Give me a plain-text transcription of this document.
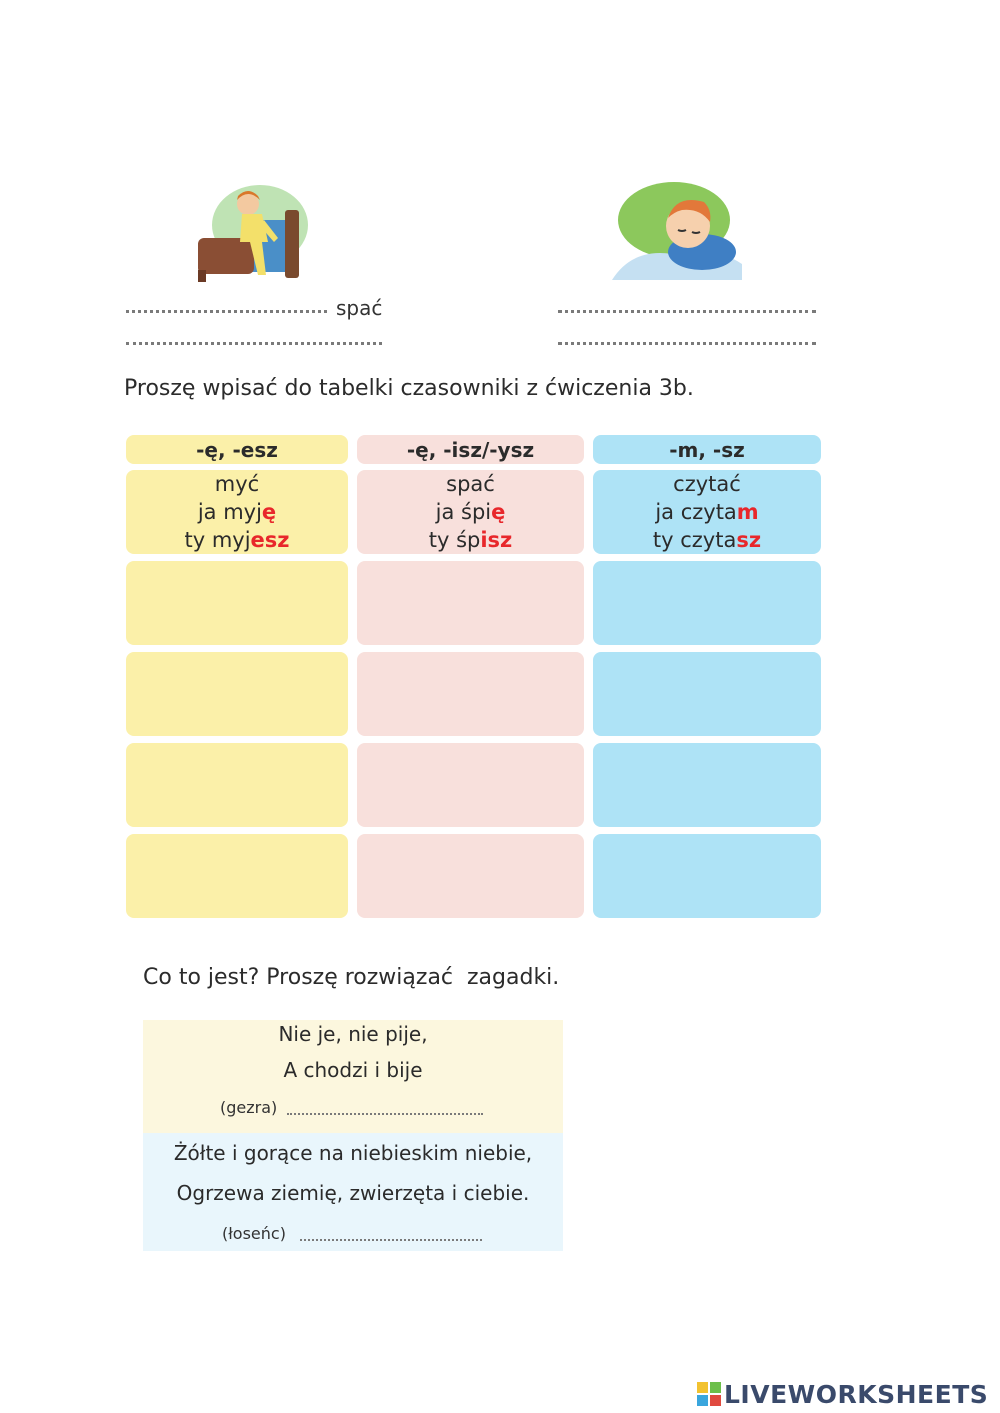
spać
Proszę wpisać do tabelki czasowniki z ćwiczenia 3b.
-ę, -esz	-ę, -isz/-ysz	-m, -sz
myć
ja myję
ty myjesz
spać
ja śpię
ty śpisz
czytać
ja czytam
ty czytasz
Co to jest? Proszę rozwiązać  zagadki.
Nie je, nie pije,
A chodzi i bije
(gezra)
Żółte i gorące na niebieskim niebie,
Ogrzewa ziemię, zwierzęta i ciebie.
(łoseńc)
LIVEWORKSHEETS
